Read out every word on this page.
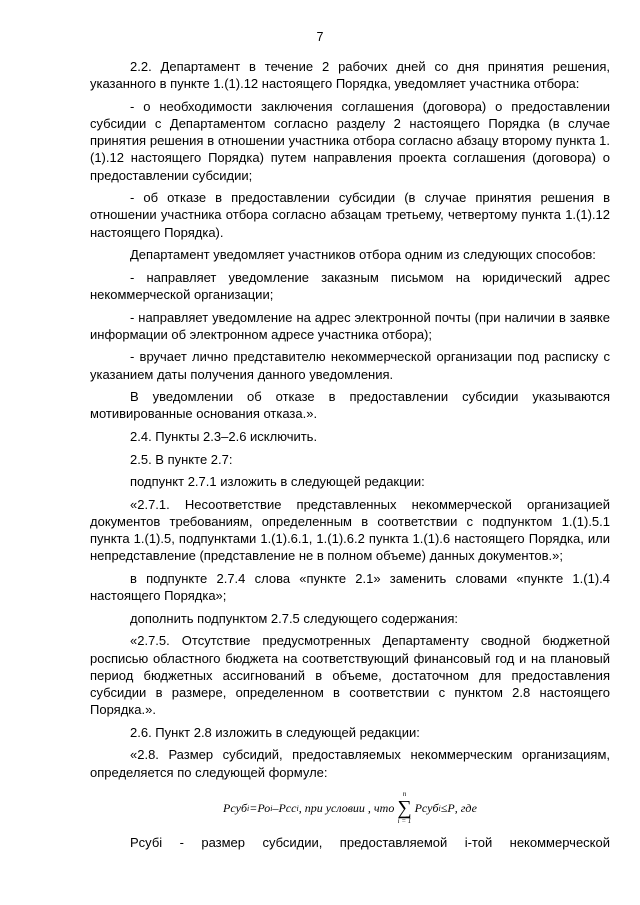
7

2.2. Департамент в течение 2 рабочих дней со дня принятия решения, указанного в пункте 1.(1).12 настоящего Порядка, уведомляет участника отбора:

- о необходимости заключения соглашения (договора) о предоставлении субсидии с Департаментом согласно разделу 2 настоящего Порядка (в случае принятия решения в отношении участника отбора согласно абзацу второму пункта 1.(1).12 настоящего Порядка) путем направления проекта соглашения (договора) о предоставлении субсидии;

- об отказе в предоставлении субсидии (в случае принятия решения в отношении участника отбора согласно абзацам третьему, четвертому пункта 1.(1).12 настоящего Порядка).

Департамент уведомляет участников отбора одним из следующих способов:

- направляет уведомление заказным письмом на юридический адрес некоммерческой организации;

- направляет уведомление на адрес электронной почты (при наличии в заявке информации об электронном адресе участника отбора);

- вручает лично представителю некоммерческой организации под расписку с указанием даты получения данного уведомления.

В уведомлении об отказе в предоставлении субсидии указываются мотивированные основания отказа.».

2.4. Пункты 2.3–2.6 исключить.

2.5. В пункте 2.7:

подпункт 2.7.1 изложить в следующей редакции:

«2.7.1. Несоответствие представленных некоммерческой организацией документов требованиям, определенным в соответствии с подпунктом 1.(1).5.1 пункта 1.(1).5, подпунктами 1.(1).6.1, 1.(1).6.2 пункта 1.(1).6 настоящего Порядка, или непредставление (представление не в полном объеме) данных документов.»;

в подпункте 2.7.4 слова «пункте 2.1» заменить словами «пункте 1.(1).4 настоящего Порядка»;

дополнить подпунктом 2.7.5 следующего содержания:

«2.7.5. Отсутствие предусмотренных Департаменту сводной бюджетной росписью областного бюджета на соответствующий финансовый год и на плановый период бюджетных ассигнований в объеме, достаточном для предоставления субсидии в размере, определенном в соответствии с пунктом 2.8 настоящего Порядка.».

2.6. Пункт 2.8 изложить в следующей редакции:

«2.8. Размер субсидий, предоставляемых некоммерческим организациям, определяется по следующей формуле:

Рсуб i = Ро i – Рсс i , при условии , что
n
∑
i = 1
Рсуб i ≤ P , где

Рсубi - размер субсидии, предоставляемой i-той некоммерческой
